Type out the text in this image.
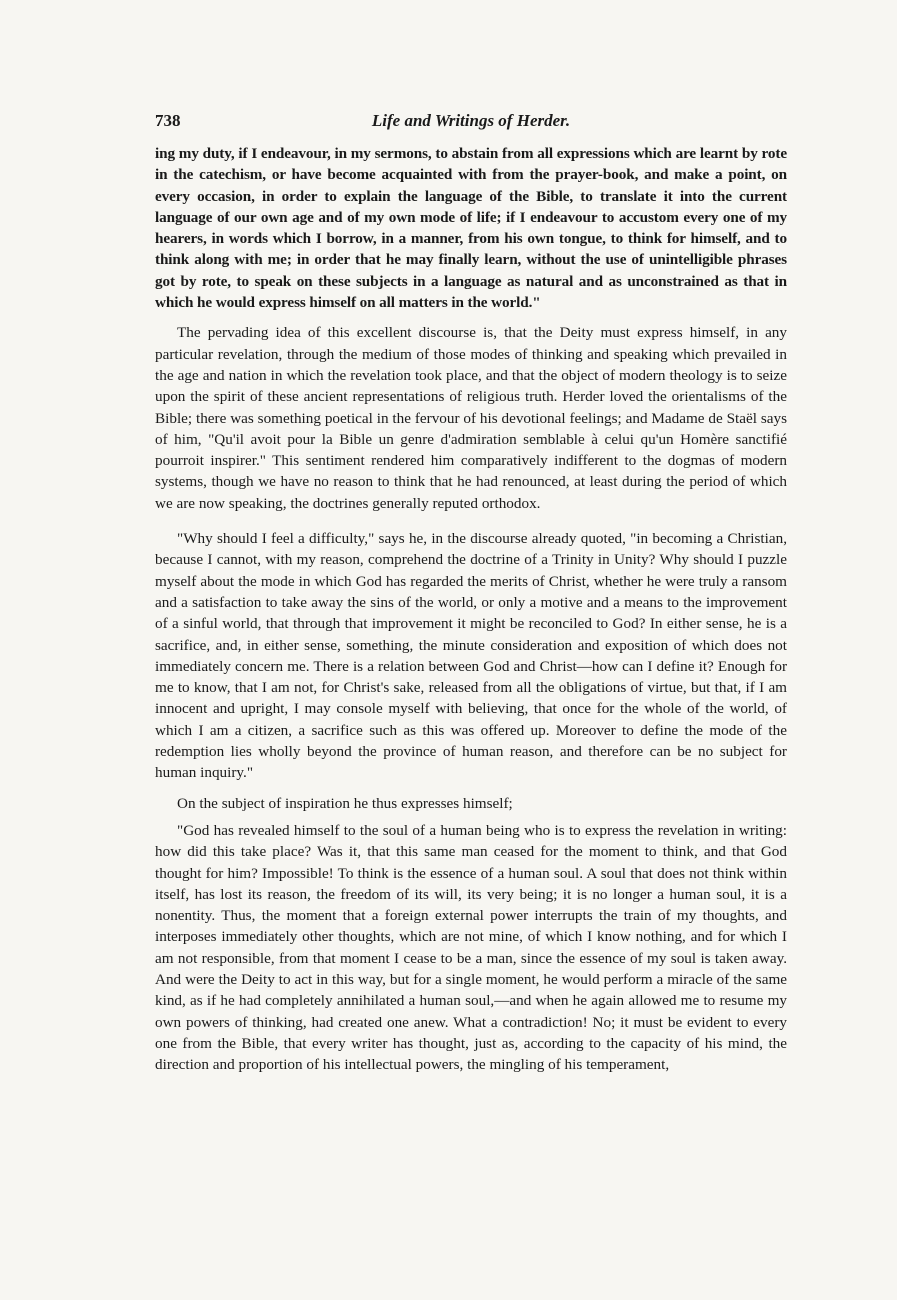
738	Life and Writings of Herder.

ing my duty, if I endeavour, in my sermons, to abstain from all expressions which are learnt by rote in the catechism, or have become acquainted with from the prayer-book, and make a point, on every occasion, in order to explain the language of the Bible, to translate it into the current language of our own age and of my own mode of life; if I endeavour to accustom every one of my hearers, in words which I borrow, in a manner, from his own tongue, to think for himself, and to think along with me; in order that he may finally learn, without the use of unintelligible phrases got by rote, to speak on these subjects in a language as natural and as unconstrained as that in which he would express himself on all matters in the world."

The pervading idea of this excellent discourse is, that the Deity must express himself, in any particular revelation, through the medium of those modes of thinking and speaking which prevailed in the age and nation in which the revelation took place, and that the object of modern theology is to seize upon the spirit of these ancient representations of religious truth. Herder loved the orientalisms of the Bible; there was something poetical in the fervour of his devotional feelings; and Madame de Staël says of him, "Qu'il avoit pour la Bible un genre d'admiration semblable à celui qu'un Homère sanctifié pourroit inspirer." This sentiment rendered him comparatively indifferent to the dogmas of modern systems, though we have no reason to think that he had renounced, at least during the period of which we are now speaking, the doctrines generally reputed orthodox.

"Why should I feel a difficulty," says he, in the discourse already quoted, "in becoming a Christian, because I cannot, with my reason, comprehend the doctrine of a Trinity in Unity? Why should I puzzle myself about the mode in which God has regarded the merits of Christ, whether he were truly a ransom and a satisfaction to take away the sins of the world, or only a motive and a means to the improvement of a sinful world, that through that improvement it might be reconciled to God? In either sense, he is a sacrifice, and, in either sense, something, the minute consideration and exposition of which does not immediately concern me. There is a relation between God and Christ—how can I define it? Enough for me to know, that I am not, for Christ's sake, released from all the obligations of virtue, but that, if I am innocent and upright, I may console myself with believing, that once for the whole of the world, of which I am a citizen, a sacrifice such as this was offered up. Moreover to define the mode of the redemption lies wholly beyond the province of human reason, and therefore can be no subject for human inquiry."

On the subject of inspiration he thus expresses himself;

"God has revealed himself to the soul of a human being who is to express the revelation in writing: how did this take place? Was it, that this same man ceased for the moment to think, and that God thought for him? Impossible! To think is the essence of a human soul. A soul that does not think within itself, has lost its reason, the freedom of its will, its very being; it is no longer a human soul, it is a nonentity. Thus, the moment that a foreign external power interrupts the train of my thoughts, and interposes immediately other thoughts, which are not mine, of which I know nothing, and for which I am not responsible, from that moment I cease to be a man, since the essence of my soul is taken away. And were the Deity to act in this way, but for a single moment, he would perform a miracle of the same kind, as if he had completely annihilated a human soul,—and when he again allowed me to resume my own powers of thinking, had created one anew. What a contradiction! No; it must be evident to every one from the Bible, that every writer has thought, just as, according to the capacity of his mind, the direction and proportion of his intellectual powers, the mingling of his temperament,
